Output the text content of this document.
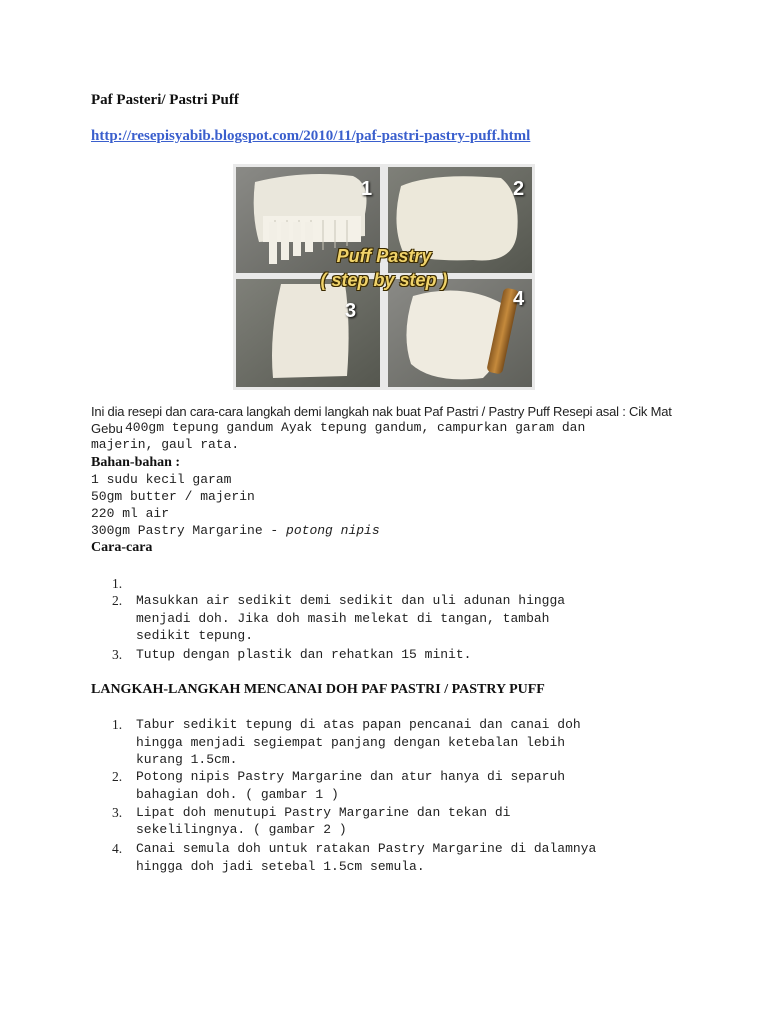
Paf Pasteri/ Pastri Puff
http://resepisyabib.blogspot.com/2010/11/paf-pastri-pastry-puff.html
1	2
3
4
Puff Pastry
( step by step )
Ini dia resepi dan cara-cara langkah demi langkah nak buat Paf Pastri / Pastry Puff Resepi asal : Cik Mat
Gebu 400gm tepung gandum Ayak tepung gandum, campurkan garam dan
majerin, gaul rata.
Bahan-bahan :
1 sudu kecil garam
50gm butter / majerin
220 ml air
300gm Pastry Margarine - potong nipis
Cara-cara
1.
2. Masukkan air sedikit demi sedikit dan uli adunan hingga
menjadi doh. Jika doh masih melekat di tangan, tambah
sedikit tepung.
3. Tutup dengan plastik dan rehatkan 15 minit.
LANGKAH-LANGKAH MENCANAI DOH PAF PASTRI / PASTRY PUFF
1. Tabur sedikit tepung di atas papan pencanai dan canai doh
hingga menjadi segiempat panjang dengan ketebalan lebih
kurang 1.5cm.
2. Potong nipis Pastry Margarine dan atur hanya di separuh
bahagian doh. ( gambar 1 )
3. Lipat doh menutupi Pastry Margarine dan tekan di
sekelilingnya. ( gambar 2 )
4. Canai semula doh untuk ratakan Pastry Margarine di dalamnya
hingga doh jadi setebal 1.5cm semula.
